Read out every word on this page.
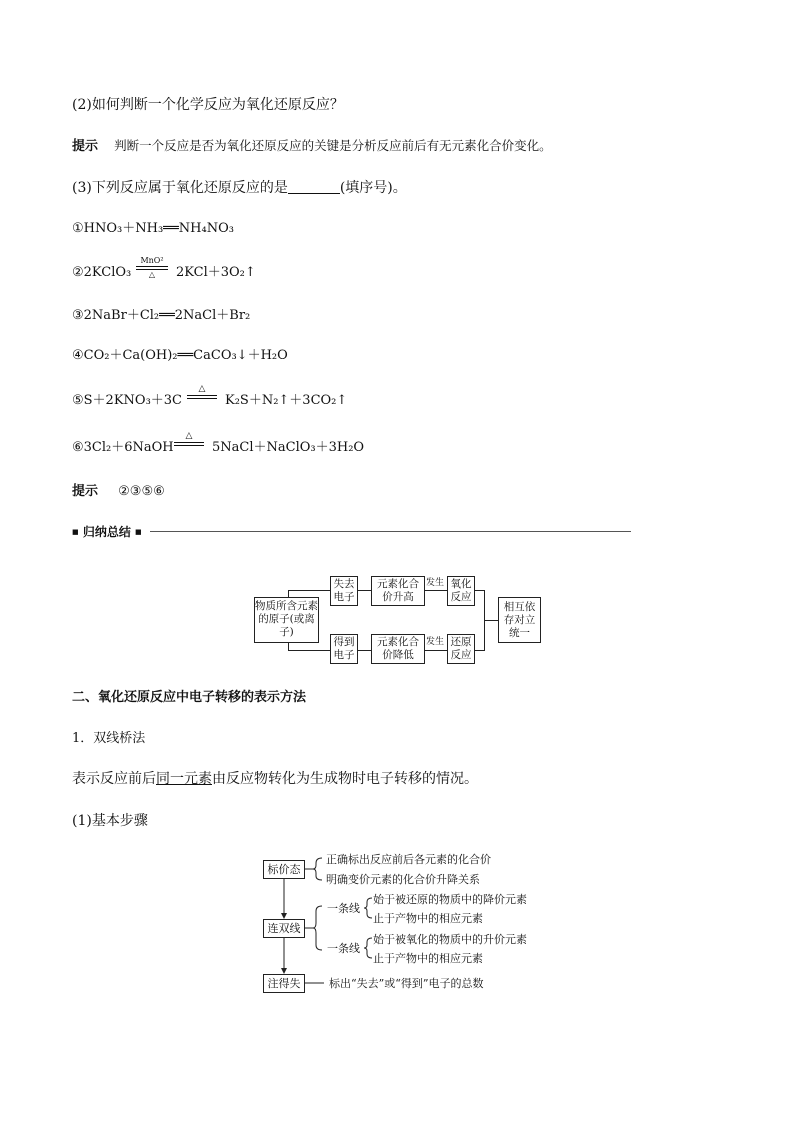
(2)如何判断一个化学反应为氧化还原反应？
提示 判断一个反应是否为氧化还原反应的关键是分析反应前后有无元素化合价变化。
(3)下列反应属于氧化还原反应的是	(填序号)。
①HNO₃＋NH₃══NH₄NO₃
②2KClO₃
MnO²
△	2KCl＋3O₂↑
③2NaBr＋Cl₂══2NaCl＋Br₂
④CO₂＋Ca(OH)₂══CaCO₃↓＋H₂O
⑤S＋2KNO₃＋3C
△
K₂S＋N₂↑＋3CO₂↑
⑥3Cl₂＋6NaOH
△
5NaCl＋NaClO₃＋3H₂O
提示 ②③⑤⑥
■ 归纳总结 ■
物质所含元素的原子(或离子)
失去电子
元素化合价升高
发生 氧化反应
得到电子
元素化合价降低
发生 还原反应
相互依存对立统一
二、氧化还原反应中电子转移的表示方法
1．双线桥法
表示反应前后同一元素由反应物转化为生成物时电子转移的情况。
(1)基本步骤
标价态
连双线
注得失
正确标出反应前后各元素的化合价
明确变价元素的化合价升降关系
一条线
始于被还原的物质中的降价元素
止于产物中的相应元素
一条线
始于被氧化的物质中的升价元素
止于产物中的相应元素
标出“失去”或“得到”电子的总数
